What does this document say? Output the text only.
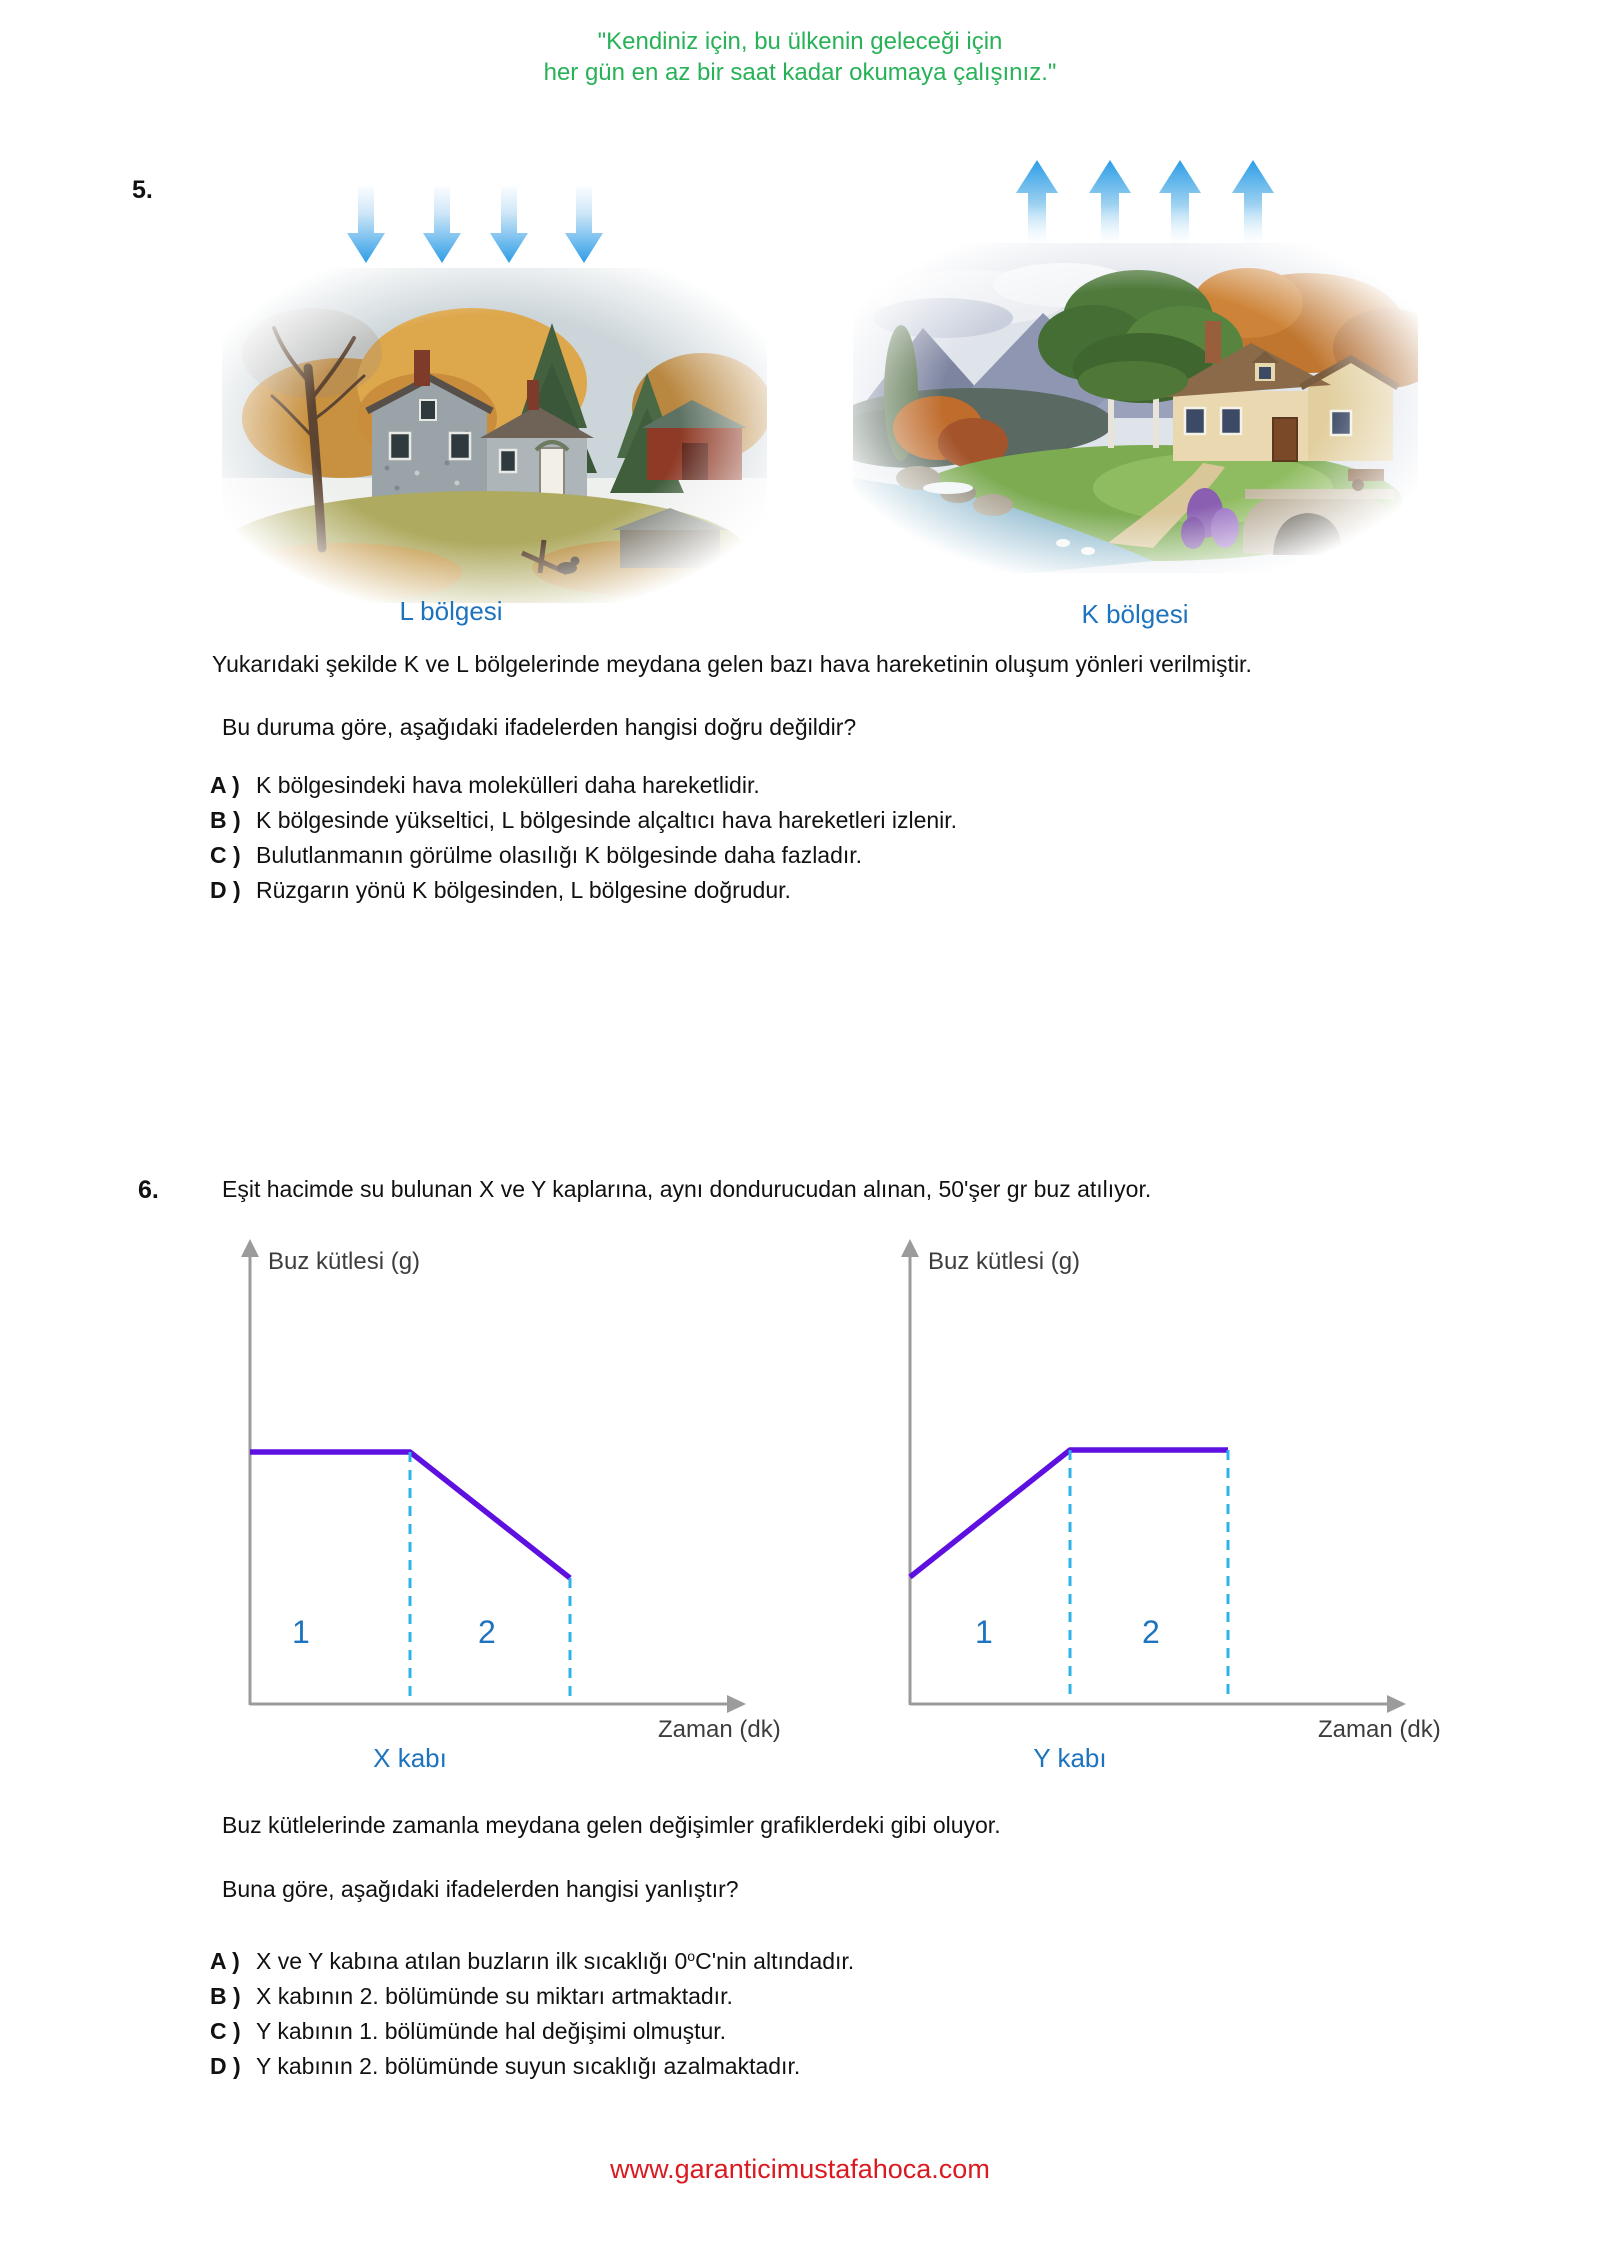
"Kendiniz için, bu ülkenin geleceği için
her gün en az bir saat kadar okumaya çalışınız."
5.
L bölgesi	K bölgesi
Yukarıdaki şekilde K ve L bölgelerinde meydana gelen bazı hava hareketinin oluşum yönleri verilmiştir.
Bu duruma göre, aşağıdaki ifadelerden hangisi doğru değildir?
A ) K bölgesindeki hava molekülleri daha hareketlidir.
B ) K bölgesinde yükseltici, L bölgesinde alçaltıcı hava hareketleri izlenir.
C ) Bulutlanmanın görülme olasılığı K bölgesinde daha fazladır.
D ) Rüzgarın yönü K bölgesinden, L bölgesine doğrudur.
6.	Eşit hacimde su bulunan X ve Y kaplarına, aynı dondurucudan alınan, 50'şer gr buz atılıyor.
Buz kütlesi (g)
Zaman (dk)
1	2
X kabı
Buz kütlesi (g)
Zaman (dk)
1	2
Y kabı
Buz kütlelerinde zamanla meydana gelen değişimler grafiklerdeki gibi oluyor.
Buna göre, aşağıdaki ifadelerden hangisi yanlıştır?
A ) X ve Y kabına atılan buzların ilk sıcaklığı 0$^o$C'nin altındadır.
B ) X kabının 2. bölümünde su miktarı artmaktadır.
C ) Y kabının 1. bölümünde hal değişimi olmuştur.
D ) Y kabının 2. bölümünde suyun sıcaklığı azalmaktadır.
www.garanticimustafahoca.com
